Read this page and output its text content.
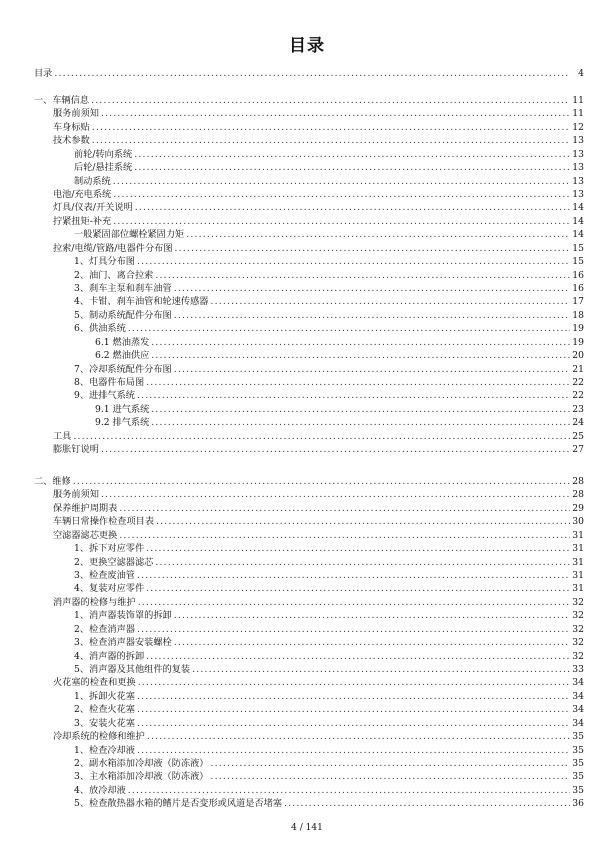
目录
目录 .....	4
一、车辆信息 .....	11
服务前须知 .....	11
车身标贴 .....	12
技术参数 .....	13
前轮/转向系统 .....	13
后轮/悬挂系统 .....	13
制动系统 .....	13
电池/充电系统 .....	13
灯具/仪表/开关说明 .....	14
拧紧扭矩-补充 .....	14
一般紧固部位螺栓紧固力矩 .....	14
拉索/电缆/管路/电器件分布图 .....	15
1、灯具分布图 .....	15
2、油门、离合拉索 .....	16
3、刹车主泵和刹车油管 .....	16
4、卡钳、刹车油管和轮速传感器 .....	17
5、制动系统配件分布图 .....	18
6、供油系统 .....	19
6.1 燃油蒸发 .....	19
6.2 燃油供应 .....	20
7、冷却系统配件分布图 .....	21
8、电器件布局图 .....	22
9、进排气系统 .....	22
9.1 进气系统 .....	23
9.2 排气系统 .....	24
工具 .....	25
膨胀钉说明 .....	27
二、维修 .....	28
服务前须知 .....	28
保养维护周期表 .....	29
车辆日常操作检查项目表 .....	30
空滤器滤芯更换 .....	31
1、拆下对应零件 .....	31
2、更换空滤器滤芯 .....	31
3、检查废油管 .....	31
4、复装对应零件 .....	31
消声器的检修与维护 .....	32
1、消声器装饰罩的拆卸 .....	32
2、检查消声器 .....	32
3、检查消声器安装螺栓 .....	32
4、消声器的拆卸 .....	32
5、消声器及其他组件的复装 .....	33
火花塞的检查和更换 .....	34
1、拆卸火花塞 .....	34
2、检查火花塞 .....	34
3、安装火花塞 .....	34
冷却系统的检修和维护 .....	35
1、检查冷却液 .....	35
2、副水箱添加冷却液（防冻液） .....	35
3、主水箱添加冷却液（防冻液） .....	35
4、放冷却液 .....	35
5、检查散热器水箱的鳍片是否变形或风道是否堵塞 .....	36
4 / 141
